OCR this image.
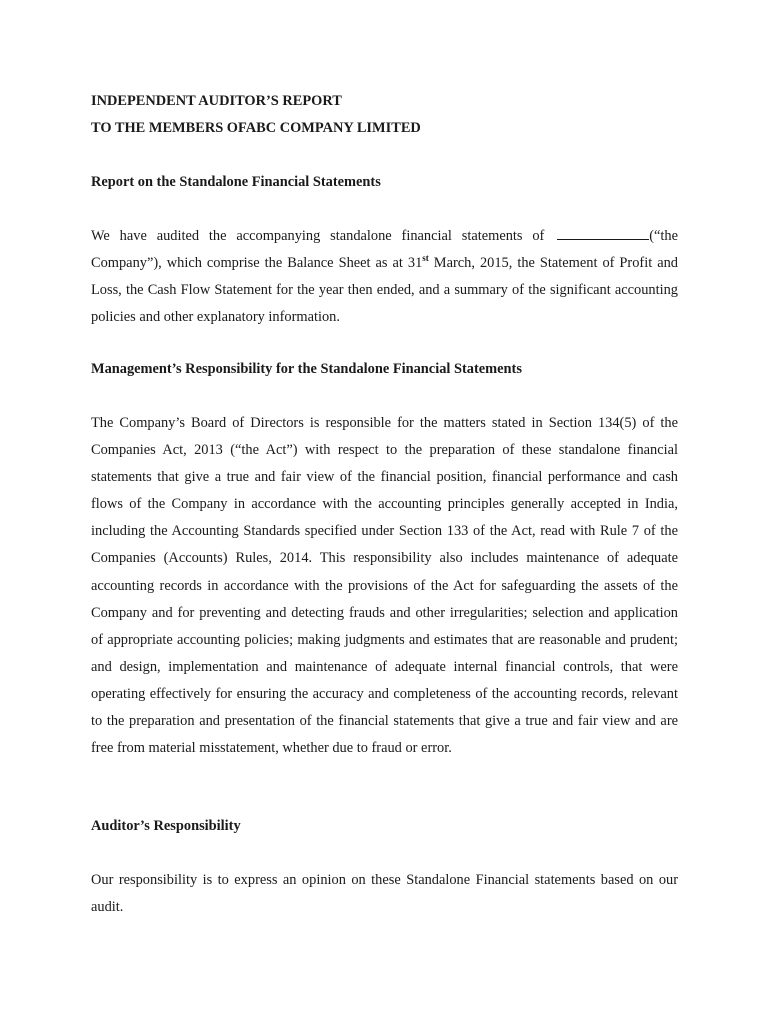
INDEPENDENT AUDITOR’S REPORT

TO THE MEMBERS OFABC COMPANY LIMITED

Report on the Standalone Financial Statements

We have audited the accompanying standalone financial statements of	(“the Company”), which comprise the Balance Sheet as at 31st March, 2015, the Statement of Profit and Loss, the Cash Flow Statement for the year then ended, and a summary of the significant accounting policies and other explanatory information.

Management’s Responsibility for the Standalone Financial Statements

The Company’s Board of Directors is responsible for the matters stated in Section 134(5) of the Companies Act, 2013 (“the Act”) with respect to the preparation of these standalone financial statements that give a true and fair view of the financial position, financial performance and cash flows of the Company in accordance with the accounting principles generally accepted in India, including the Accounting Standards specified under Section 133 of the Act, read with Rule 7 of the Companies (Accounts) Rules, 2014. This responsibility also includes maintenance of adequate accounting records in accordance with the provisions of the Act for safeguarding the assets of the Company and for preventing and detecting frauds and other irregularities; selection and application of appropriate accounting policies; making judgments and estimates that are reasonable and prudent; and design, implementation and maintenance of adequate internal financial controls, that were operating effectively for ensuring the accuracy and completeness of the accounting records, relevant to the preparation and presentation of the financial statements that give a true and fair view and are free from material misstatement, whether due to fraud or error.

Auditor’s Responsibility

Our responsibility is to express an opinion on these Standalone Financial statements based on our audit.
